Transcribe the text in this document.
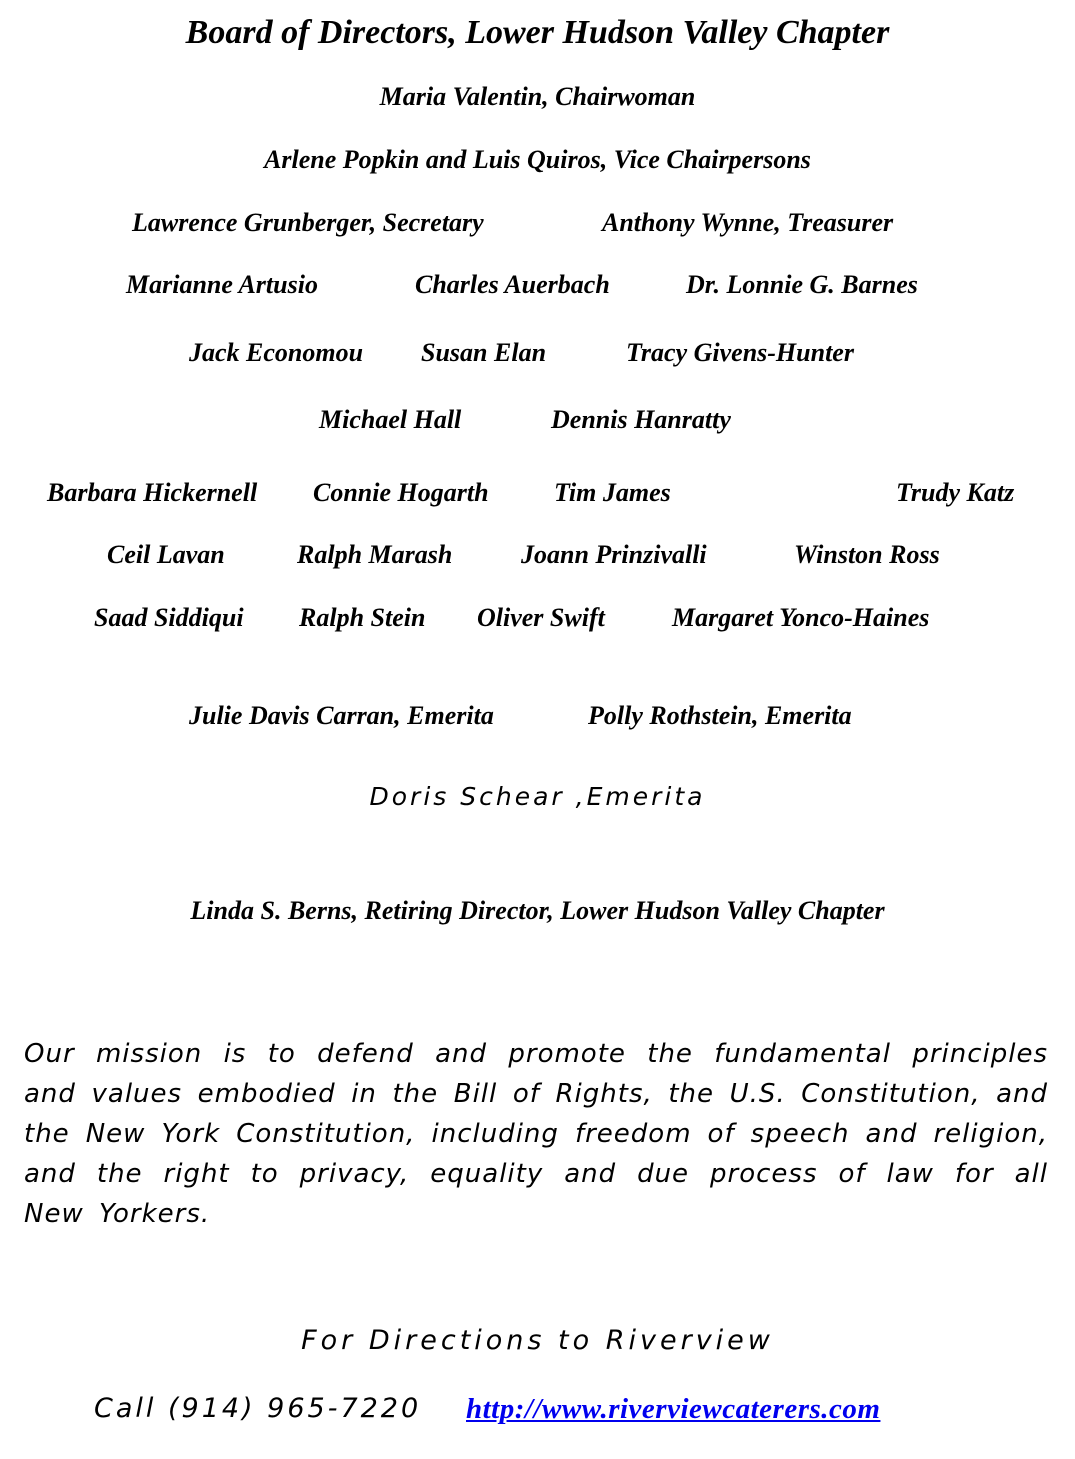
Board of Directors, Lower Hudson Valley Chapter
Maria Valentin, Chairwoman
Arlene Popkin and Luis Quiros, Vice Chairpersons
Lawrence Grunberger, Secretary	Anthony Wynne, Treasurer
Marianne Artusio	Charles Auerbach	Dr. Lonnie G. Barnes
Jack Economou Susan Elan	Tracy Givens-Hunter
Michael Hall	Dennis Hanratty
Barbara Hickernell Connie Hogarth	Tim James	Trudy Katz
Ceil Lavan	Ralph Marash	Joann Prinzivalli	Winston Ross
Saad Siddiqui Ralph Stein Oliver Swift	Margaret Yonco-Haines
Julie Davis Carran, Emerita	Polly Rothstein, Emerita
Doris Schear ,Emerita
Linda S. Berns, Retiring Director, Lower Hudson Valley Chapter
Our mission is to defend and promote the fundamental principles and values embodied in the Bill of Rights, the U.S. Constitution, and the New York Constitution, including freedom of speech and religion, and the right to privacy, equality and due process of law for all New Yorkers.
For Directions to Riverview
Call (914) 965-7220 http://www.riverviewcaterers.com
